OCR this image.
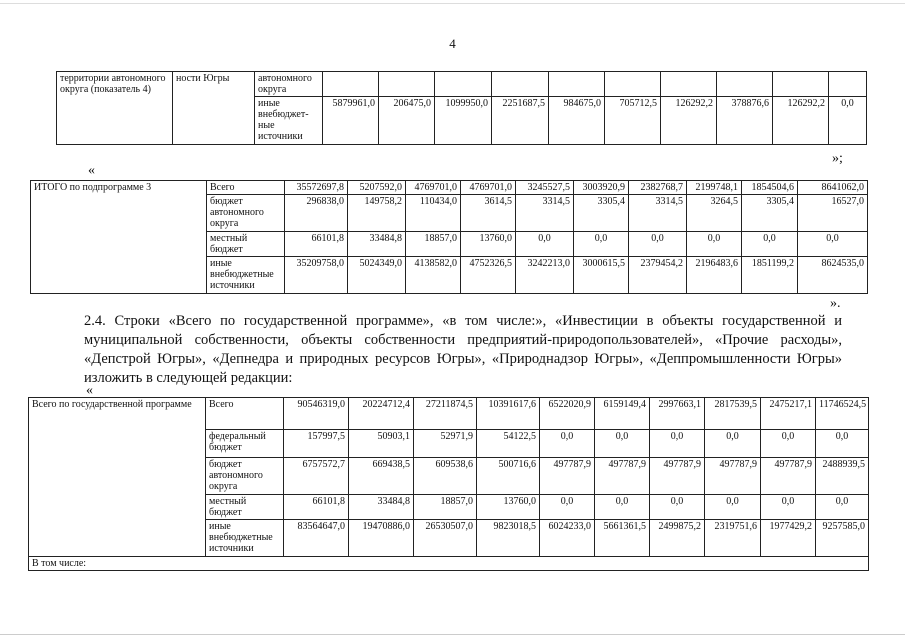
4
территории автономного округа (показатель 4)	ности Югры	автономного округа										
		иные внебюджет-ные источники	5879961,0	206475,0	1099950,0	2251687,5	984675,0	705712,5	126292,2	378876,6	126292,2	0,0
»;
«
ИТОГО по подпрограмме 3	Всего	35572697,8	5207592,0	4769701,0	4769701,0	3245527,5	3003920,9	2382768,7	2199748,1	1854504,6	8641062,0
	бюджет автономного округа	296838,0	149758,2	110434,0	3614,5	3314,5	3305,4	3314,5	3264,5	3305,4	16527,0
	местный бюджет	66101,8	33484,8	18857,0	13760,0	0,0	0,0	0,0	0,0	0,0	0,0
	иные внебюджетные источники	35209758,0	5024349,0	4138582,0	4752326,5	3242213,0	3000615,5	2379454,2	2196483,6	1851199,2	8624535,0
».
2.4. Строки «Всего по государственной программе», «в том числе:», «Инвестиции в объекты государственной и муниципальной собственности, объекты собственности предприятий-природопользователей», «Прочие расходы», «Депстрой Югры», «Депнедра и природных ресурсов Югры», «Природнадзор Югры», «Деппромышленности Югры» изложить в следующей редакции:
«
Всего по государственной программе	Всего	90546319,0	20224712,4	27211874,5	10391617,6	6522020,9	6159149,4	2997663,1	2817539,5	2475217,1	11746524,5
	федеральный бюджет	157997,5	50903,1	52971,9	54122,5	0,0	0,0	0,0	0,0	0,0	0,0
	бюджет автономного округа	6757572,7	669438,5	609538,6	500716,6	497787,9	497787,9	497787,9	497787,9	497787,9	2488939,5
	местный бюджет	66101,8	33484,8	18857,0	13760,0	0,0	0,0	0,0	0,0	0,0	0,0
	иные внебюджетные источники	83564647,0	19470886,0	26530507,0	9823018,5	6024233,0	5661361,5	2499875,2	2319751,6	1977429,2	9257585,0
В том числе:											
